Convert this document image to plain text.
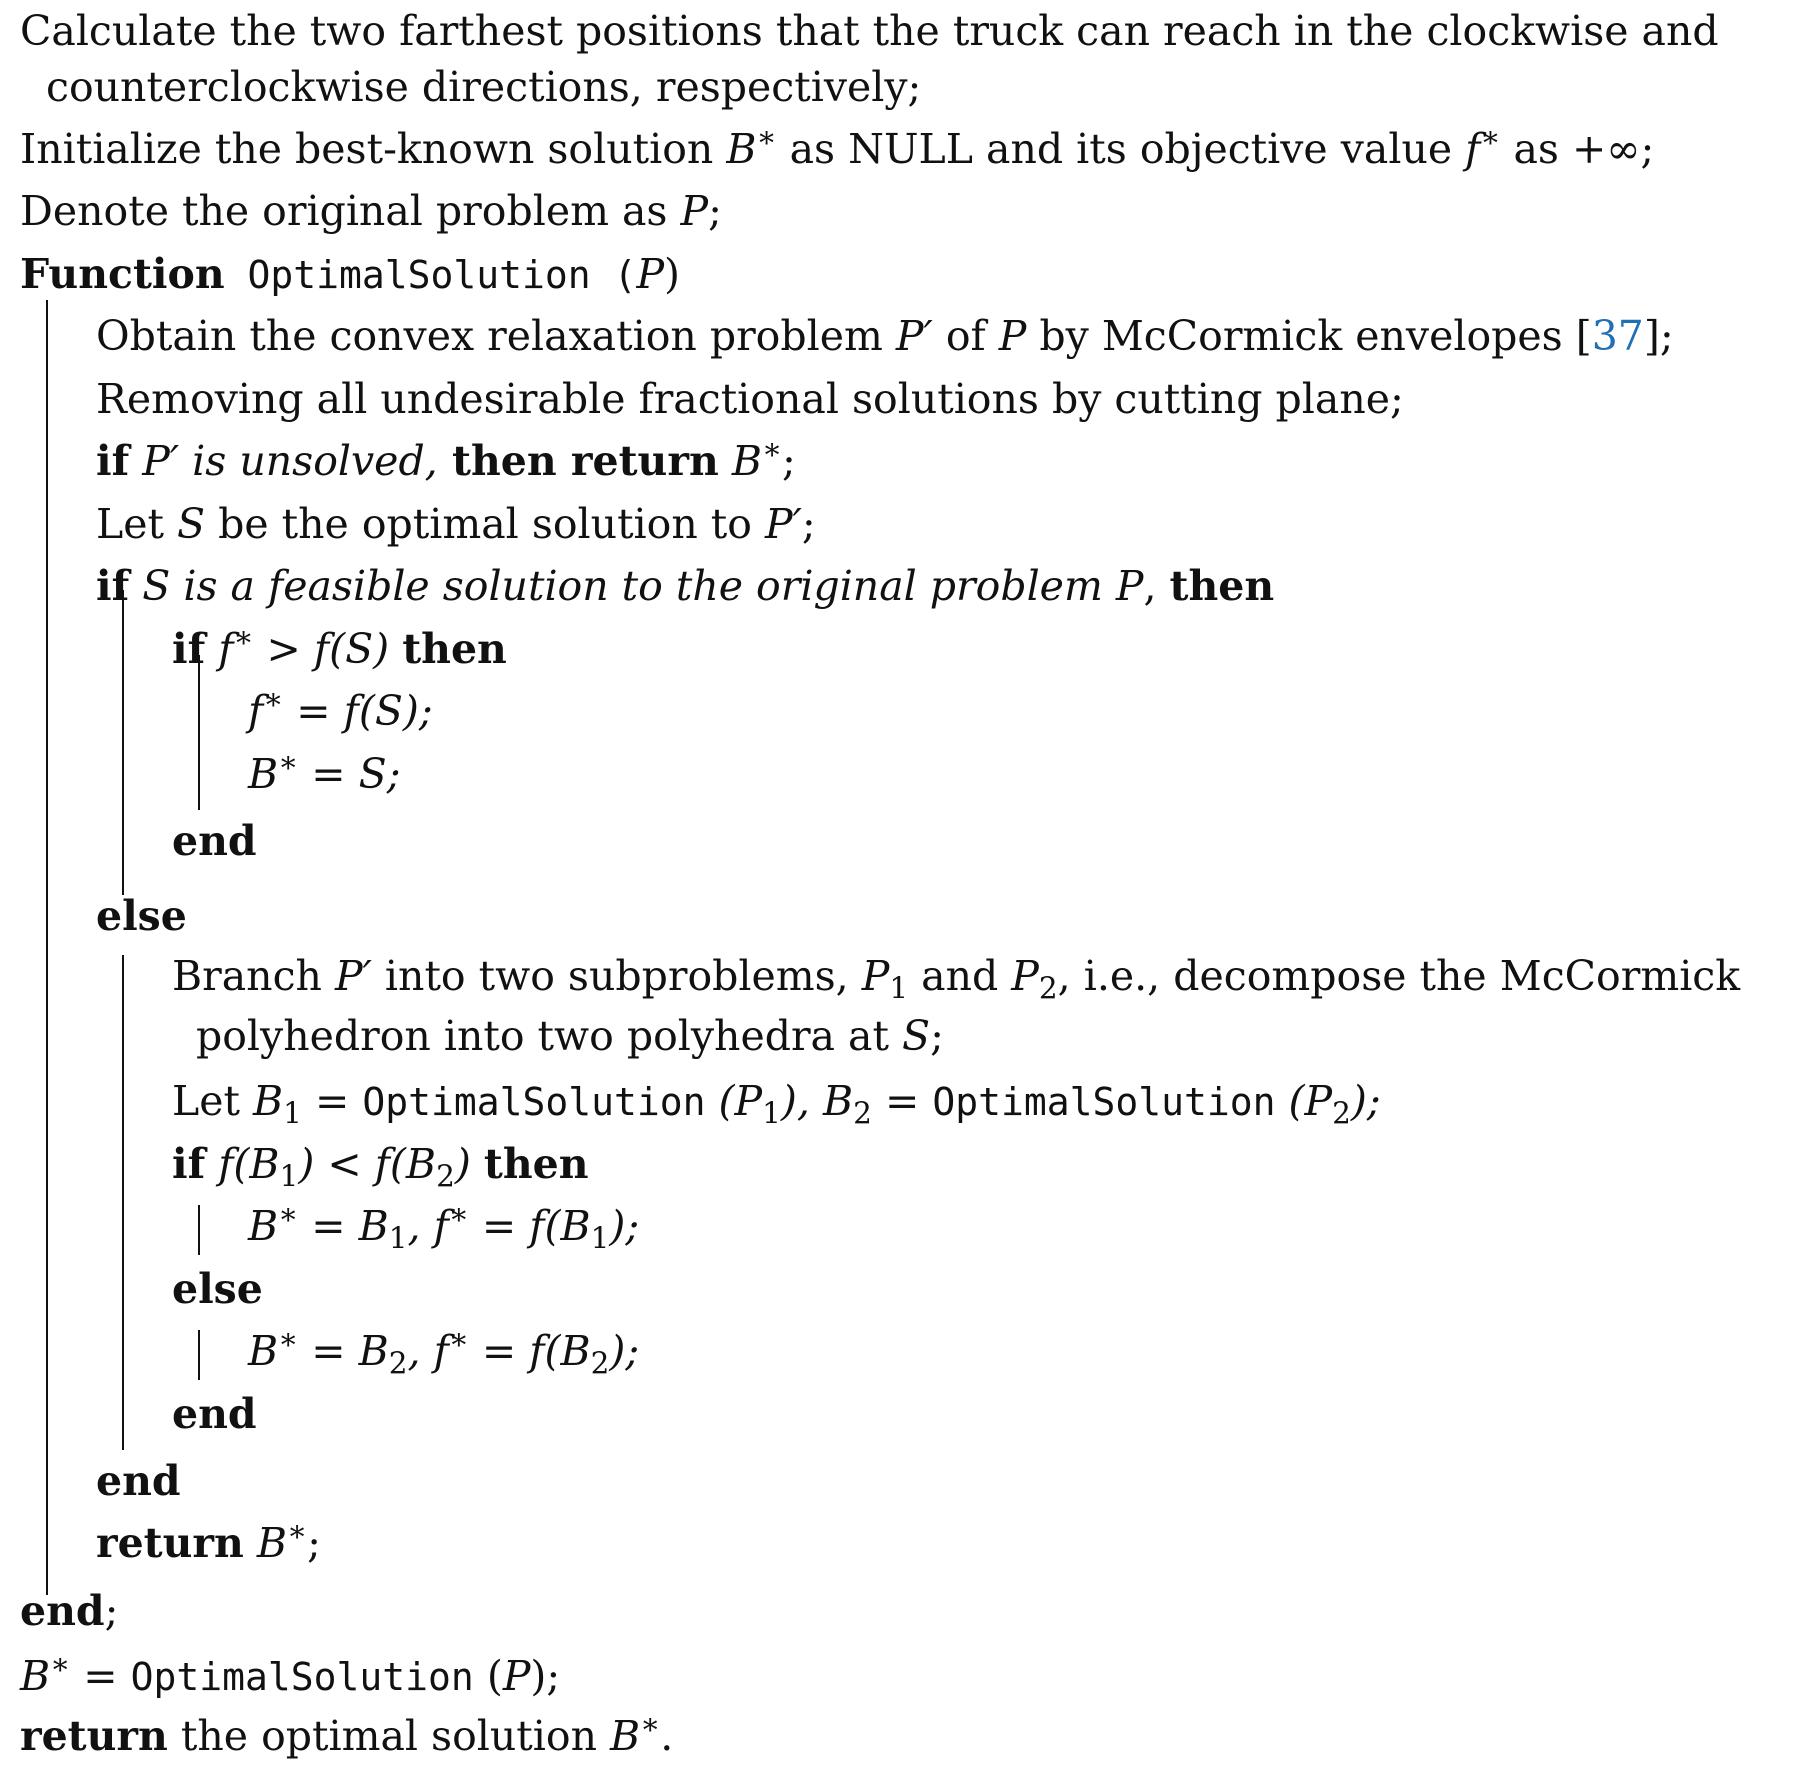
Calculate the two farthest positions that the truck can reach in the clockwise and
counterclockwise directions, respectively;
Initialize the best-known solution B∗ as NULL and its objective value f∗ as +∞;
Denote the original problem as P;
Function OptimalSolution (P)
Obtain the convex relaxation problem P′ of P by McCormick envelopes [37];
Removing all undesirable fractional solutions by cutting plane;
if P′ is unsolved, then return B∗;
Let S be the optimal solution to P′;
if S is a feasible solution to the original problem P, then
if f∗ > f(S) then
f∗ = f(S);
B∗ = S;
end
else
Branch P′ into two subproblems, $P_1$ and $P_2$, i.e., decompose the McCormick
polyhedron into two polyhedra at S;
Let $B_1$ = OptimalSolution $(P_1)$, $B_2$ = OptimalSolution $(P_2)$;
if $f(B_1) < f(B_2)$ then
$B^∗ = B_1$, $f^∗ = f(B_1)$;
else
$B^∗ = B_2$, $f^∗ = f(B_2)$;
end
end
return B∗;
end;
B∗ = OptimalSolution (P);
return the optimal solution B∗.
